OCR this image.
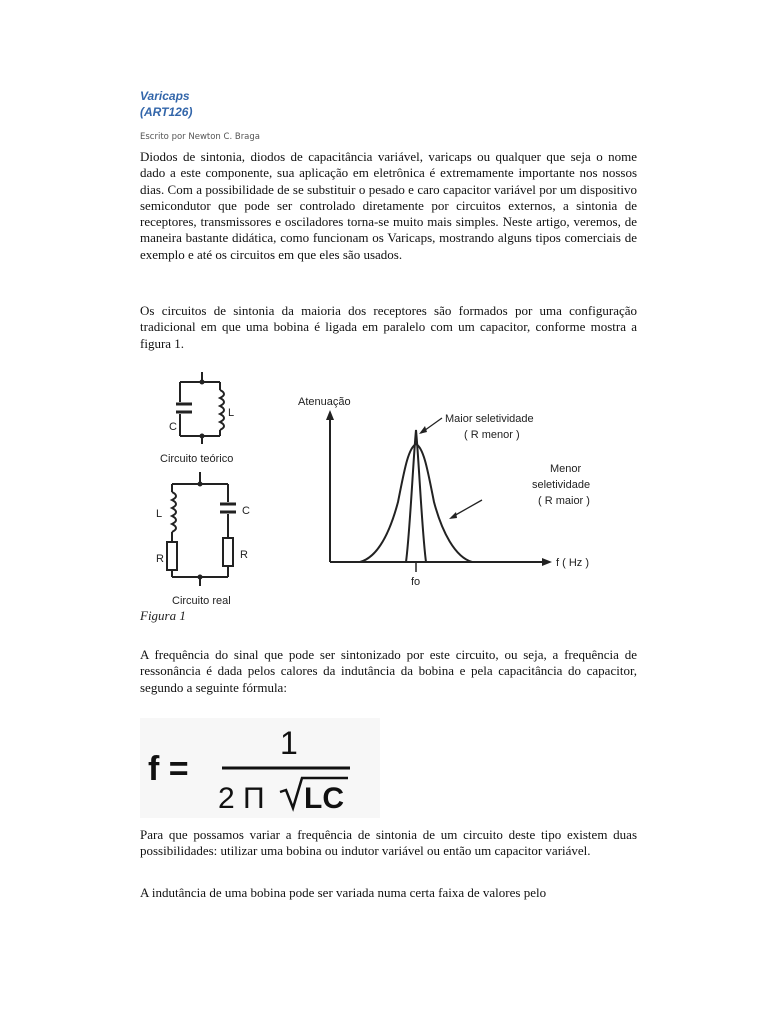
Varicaps
(ART126)
Escrito por Newton C. Braga

Diodos de sintonia, diodos de capacitância variável, varicaps ou qualquer que seja o nome dado a este componente, sua aplicação em eletrônica é extremamente importante nos nossos dias. Com a possibilidade de se substituir o pesado e caro capacitor variável por um dispositivo semicondutor que pode ser controlado diretamente por circuitos externos, a sintonia de receptores, transmissores e osciladores torna-se muito mais simples. Neste artigo, veremos, de maneira bastante didática, como funcionam os Varicaps, mostrando alguns tipos comerciais de exemplo e até os circuitos em que eles são usados.

Os circuitos de sintonia da maioria dos receptores são formados por uma configuração tradicional em que uma bobina é ligada em paralelo com um capacitor, conforme mostra a figura 1.

C
L
Circuito teórico
L	C
R	R
Circuito real
Atenuação
f ( Hz )
fo
Maior seletividade
( R menor )
Menor
seletividade
( R maior )
Figura 1

A frequência do sinal que pode ser sintonizado por este circuito, ou seja, a frequência de ressonância é dada pelos calores da indutância da bobina e pela capacitância do capacitor, segundo a seguinte fórmula:

f =
1
2 Π LC

Para que possamos variar a frequência de sintonia de um circuito deste tipo existem duas possibilidades: utilizar uma bobina ou indutor variável ou então um capacitor variável.

A indutância de uma bobina pode ser variada numa certa faixa de valores pelo
